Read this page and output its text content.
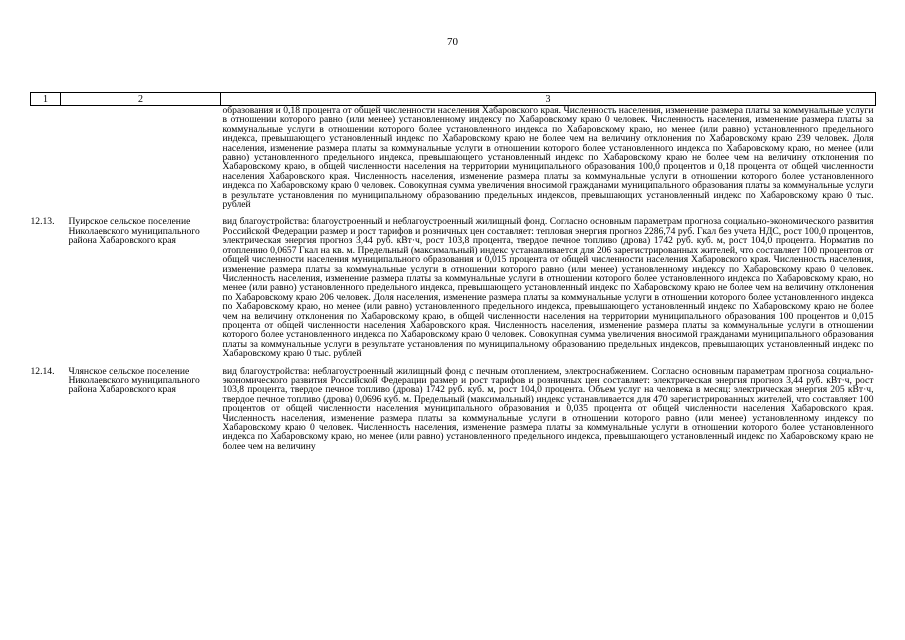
70
1	2	3
		образования и 0,18 процента от общей численности населения Хабаровского края. Численность населения, изменение размера платы за коммунальные услуги в отношении которого равно (или менее) установленному индексу по Хабаровскому краю 0 человек. Численность населения, изменение размера платы за коммунальные услуги в отношении которого более установленного индекса по Хабаровскому краю, но менее (или равно) установленного предельного индекса, превышающего установленный индекс по Хабаровскому краю не более чем на величину отклонения по Хабаровскому краю 239 человек. Доля населения, изменение размера платы за коммунальные услуги в отношении которого более установленного индекса по Хабаровскому краю, но менее (или равно) установленного предельного индекса, превышающего установленный индекс по Хабаровскому краю не более чем на величину отклонения по Хабаровскому краю, в общей численности населения на территории муниципального образования 100,0 процентов и 0,18 процента от общей численности населения Хабаровского края. Численность населения, изменение размера платы за коммунальные услуги в отношении которого более установленного индекса по Хабаровскому краю 0 человек. Совокупная сумма увеличения вносимой гражданами муниципального образования платы за коммунальные услуги в результате установления по муниципальному образованию предельных индексов, превышающих установленный индекс по Хабаровскому краю 0 тыс. рублей
12.13.	Пуирское сельское поселение Николаевского муниципального района Хабаровского края	вид благоустройства: благоустроенный и неблагоустроенный жилищный фонд. Согласно основным параметрам прогноза социально-экономического развития Российской Федерации размер и рост тарифов и розничных цен составляет: тепловая энергия прогноз 2286,74 руб. Гкал без учета НДС, рост 100,0 процентов, электрическая энергия прогноз 3,44 руб. кВт·ч, рост 103,8 процента, твердое печное топливо (дрова) 1742 руб. куб. м, рост 104,0 процента. Норматив по отоплению 0,0657 Гкал на кв. м. Предельный (максимальный) индекс устанавливается для 206 зарегистрированных жителей, что составляет 100 процентов от общей численности населения муниципального образования и 0,015 процента от общей численности населения Хабаровского края. Численность населения, изменение размера платы за коммунальные услуги в отношении которого равно (или менее) установленному индексу по Хабаровскому краю 0 человек. Численность населения, изменение размера платы за коммунальные услуги в отношении которого более установленного индекса по Хабаровскому краю, но менее (или равно) установленного предельного индекса, превышающего установленный индекс по Хабаровскому краю не более чем на величину отклонения по Хабаровскому краю 206 человек. Доля населения, изменение размера платы за коммунальные услуги в отношении которого более установленного индекса по Хабаровскому краю, но менее (или равно) установленного предельного индекса, превышающего установленный индекс по Хабаровскому краю не более чем на величину отклонения по Хабаровскому краю, в общей численности населения на территории муниципального образования 100 процентов и 0,015 процента от общей численности населения Хабаровского края. Численность населения, изменение размера платы за коммунальные услуги в отношении которого более установленного индекса по Хабаровскому краю 0 человек. Совокупная сумма увеличения вносимой гражданами муниципального образования платы за коммунальные услуги в результате установления по муниципальному образованию предельных индексов, превышающих установленный индекс по Хабаровскому краю 0 тыс. рублей
12.14.	Члянское сельское поселение Николаевского муниципального района Хабаровского края	вид благоустройства: неблагоустроенный жилищный фонд с печным отоплением, электроснабжением. Согласно основным параметрам прогноза социально-экономического развития Российской Федерации размер и рост тарифов и розничных цен составляет: электрическая энергия прогноз 3,44 руб. кВт·ч, рост 103,8 процента, твердое печное топливо (дрова) 1742 руб. куб. м, рост 104,0 процента. Объем услуг на человека в месяц: электрическая энергия 205 кВт·ч, твердое печное топливо (дрова) 0,0696 куб. м. Предельный (максимальный) индекс устанавливается для 470 зарегистрированных жителей, что составляет 100 процентов от общей численности населения муниципального образования и 0,035 процента от общей численности населения Хабаровского края. Численность населения, изменение размера платы за коммунальные услуги в отношении которого равно (или менее) установленному индексу по Хабаровскому краю 0 человек. Численность населения, изменение размера платы за коммунальные услуги в отношении которого более установленного индекса по Хабаровскому краю, но менее (или равно) установленного предельного индекса, превышающего установленный индекс по Хабаровскому краю не более чем на величину
